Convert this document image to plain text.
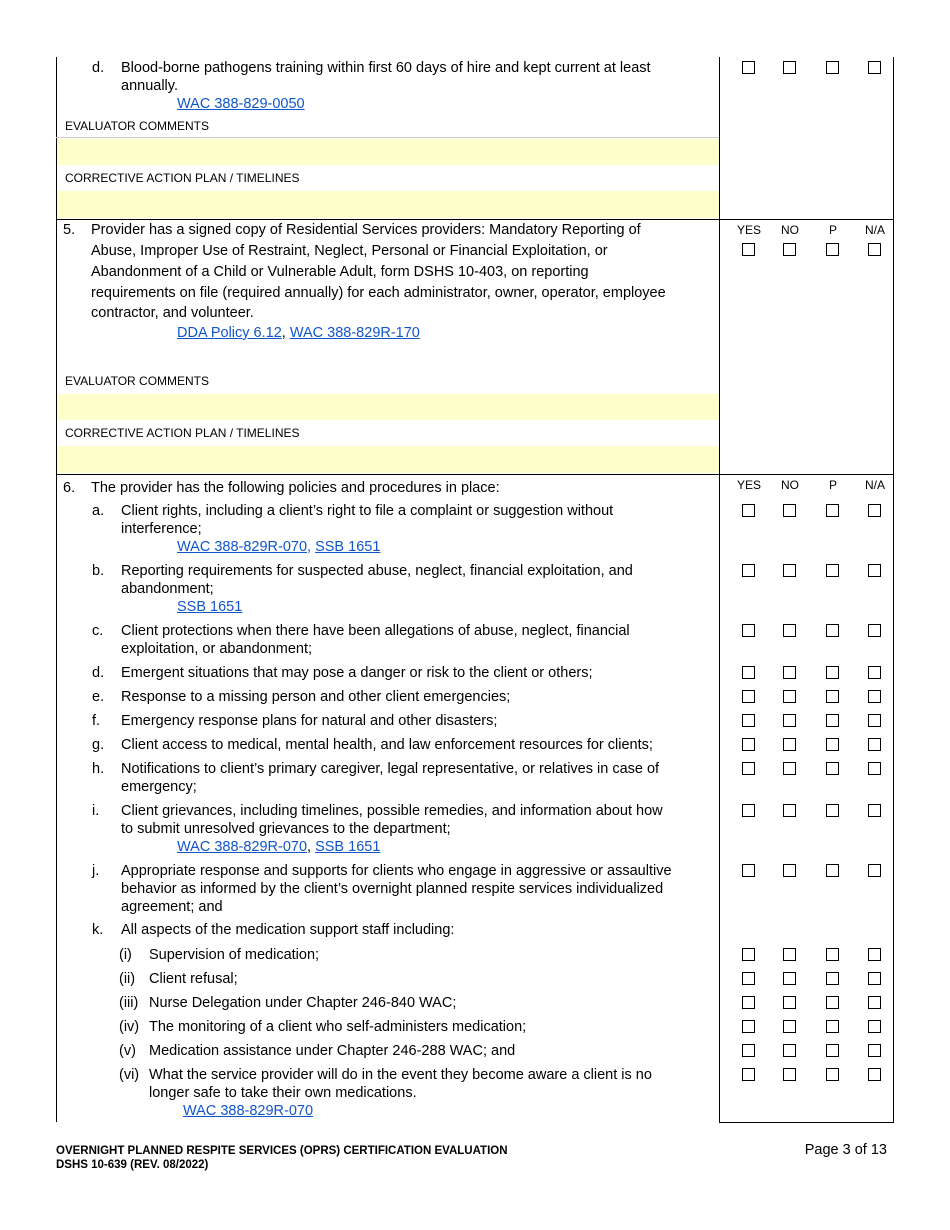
d. Blood-borne pathogens training within first 60 days of hire and kept current at least
annually.
WAC 388-829-0050
EVALUATOR COMMENTS
CORRECTIVE ACTION PLAN / TIMELINES
5. Provider has a signed copy of Residential Services providers: Mandatory Reporting of
Abuse, Improper Use of Restraint, Neglect, Personal or Financial Exploitation, or
Abandonment of a Child or Vulnerable Adult, form DSHS 10-403, on reporting
requirements on file (required annually) for each administrator, owner, operator, employee
contractor, and volunteer.
DDA Policy 6.12, WAC 388-829R-170
YES	NO	P	N/A
EVALUATOR COMMENTS
CORRECTIVE ACTION PLAN / TIMELINES
6. The provider has the following policies and procedures in place:	YES	NO	P	N/A
a. Client rights, including a client’s right to file a complaint or suggestion without
interference;
WAC 388-829R-070, SSB 1651
b. Reporting requirements for suspected abuse, neglect, financial exploitation, and
abandonment;
SSB 1651
c. Client protections when there have been allegations of abuse, neglect, financial
exploitation, or abandonment;
d. Emergent situations that may pose a danger or risk to the client or others;
e. Response to a missing person and other client emergencies;
f. Emergency response plans for natural and other disasters;
g. Client access to medical, mental health, and law enforcement resources for clients;
h. Notifications to client’s primary caregiver, legal representative, or relatives in case of
emergency;
i. Client grievances, including timelines, possible remedies, and information about how
to submit unresolved grievances to the department;
WAC 388-829R-070, SSB 1651
j. Appropriate response and supports for clients who engage in aggressive or assaultive
behavior as informed by the client’s overnight planned respite services individualized
agreement; and
k. All aspects of the medication support staff including:
(i) Supervision of medication;
(ii) Client refusal;
(iii) Nurse Delegation under Chapter 246-840 WAC;
(iv) The monitoring of a client who self-administers medication;
(v) Medication assistance under Chapter 246-288 WAC; and
(vi) What the service provider will do in the event they become aware a client is no
longer safe to take their own medications.
WAC 388-829R-070
OVERNIGHT PLANNED RESPITE SERVICES (OPRS) CERTIFICATION EVALUATION
DSHS 10-639 (REV. 08/2022)
Page 3 of 13
